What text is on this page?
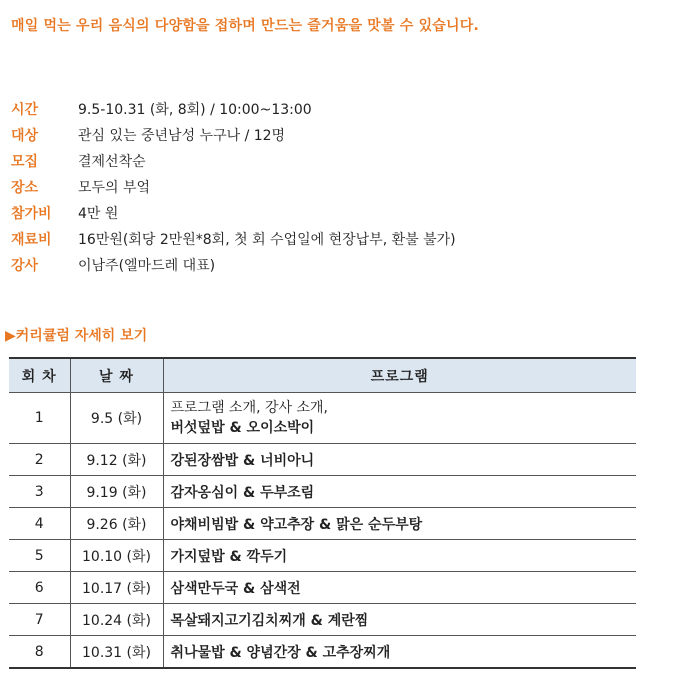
매일 먹는 우리 음식의 다양함을 접하며 만드는 즐거움을 맛볼 수 있습니다.
시간	9.5-10.31 (화, 8회) / 10:00~13:00
대상	관심 있는 중년남성 누구나 / 12명
모집	결제선착순
장소	모두의 부엌
참가비 4만 원
재료비 16만원(회당 2만원*8회, 첫 회 수업일에 현장납부, 환불 불가)
강사	이남주(엘마드레 대표)
▶커리큘럼 자세히 보기
회 차	날 짜	프로그램
1	9.5 (화)	프로그램 소개, 강사 소개,
버섯덮밥 & 오이소박이

2	9.12 (화)	강된장쌈밥 & 너비아니
3	9.19 (화)	감자옹심이 & 두부조림
4	9.26 (화)	야채비빔밥 & 약고추장 & 맑은 순두부탕
5	10.10 (화)	가지덮밥 & 깍두기
6	10.17 (화)	삼색만두국 & 삼색전
7	10.24 (화)	목살돼지고기김치찌개 & 계란찜
8	10.31 (화)	취나물밥 & 양념간장 & 고추장찌개
